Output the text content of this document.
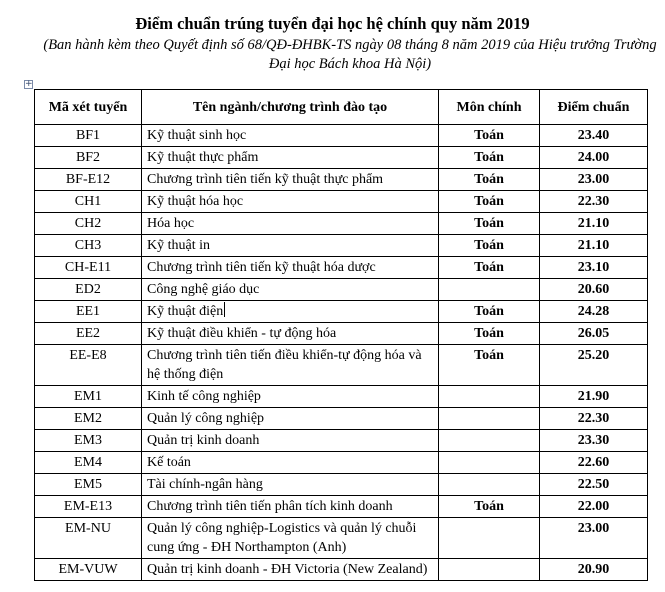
Điểm chuẩn trúng tuyển đại học hệ chính quy năm 2019
(Ban hành kèm theo Quyết định số 68/QĐ-ĐHBK-TS ngày 08 tháng 8 năm 2019 của Hiệu trưởng Trường Đại học Bách khoa Hà Nội)
+
Mã xét tuyển	Tên ngành/chương trình đào tạo	Môn chính	Điểm chuẩn
BF1	Kỹ thuật sinh học	Toán	23.40
BF2	Kỹ thuật thực phẩm	Toán	24.00
BF-E12	Chương trình tiên tiến kỹ thuật thực phẩm	Toán	23.00
CH1	Kỹ thuật hóa học	Toán	22.30
CH2	Hóa học	Toán	21.10
CH3	Kỹ thuật in	Toán	21.10
CH-E11	Chương trình tiên tiến kỹ thuật hóa dược	Toán	23.10
ED2	Công nghệ giáo dục		20.60
EE1	Kỹ thuật điện	Toán	24.28
EE2	Kỹ thuật điều khiển - tự động hóa	Toán	26.05
EE-E8	Chương trình tiên tiến điều khiển-tự động hóa và hệ thống điện	Toán	25.20
EM1	Kinh tế công nghiệp		21.90
EM2	Quản lý công nghiệp		22.30
EM3	Quản trị kinh doanh		23.30
EM4	Kế toán		22.60
EM5	Tài chính-ngân hàng		22.50
EM-E13	Chương trình tiên tiến phân tích kinh doanh	Toán	22.00
EM-NU	Quản lý công nghiệp-Logistics và quản lý chuỗi cung ứng - ĐH Northampton (Anh)		23.00
EM-VUW	Quản trị kinh doanh - ĐH Victoria (New Zealand)		20.90
